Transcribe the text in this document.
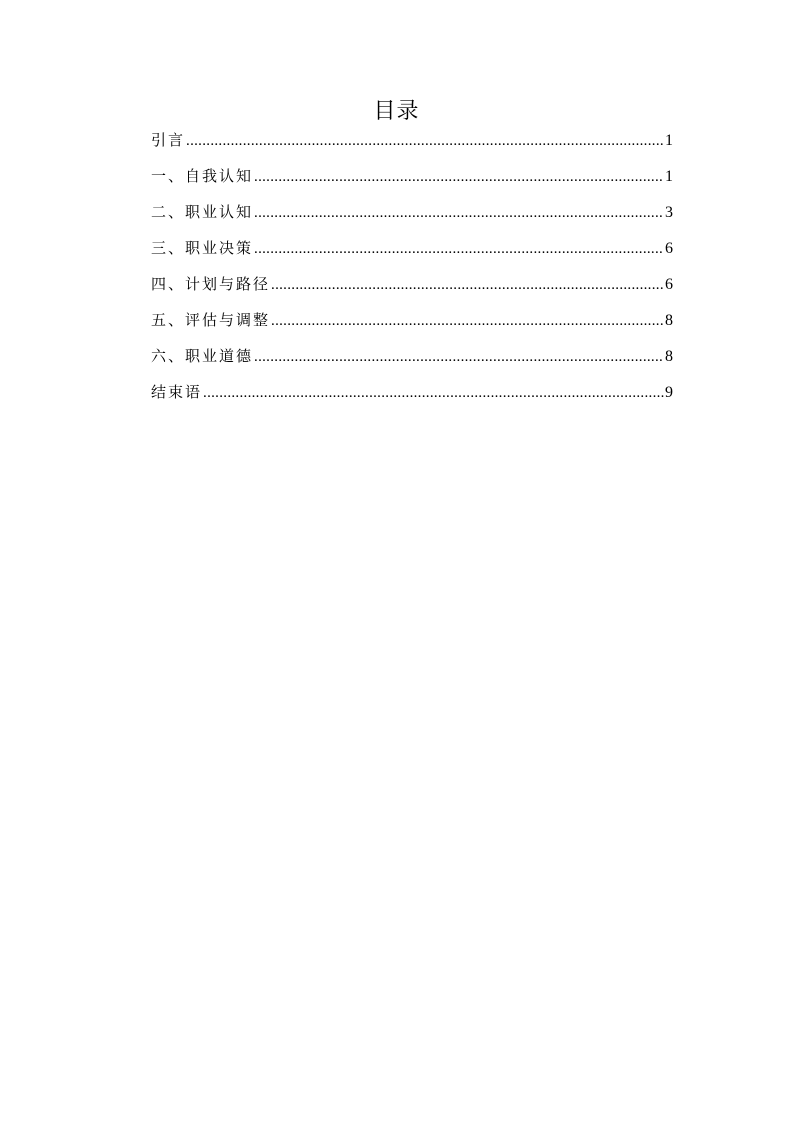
目录
引言 .....	1
一、自我认知 .....	1
二、职业认知 .....	3
三、职业决策 .....	6
四、计划与路径 .....	6
五、评估与调整 .....	8
六、职业道德 .....	8
结束语 .....	9
